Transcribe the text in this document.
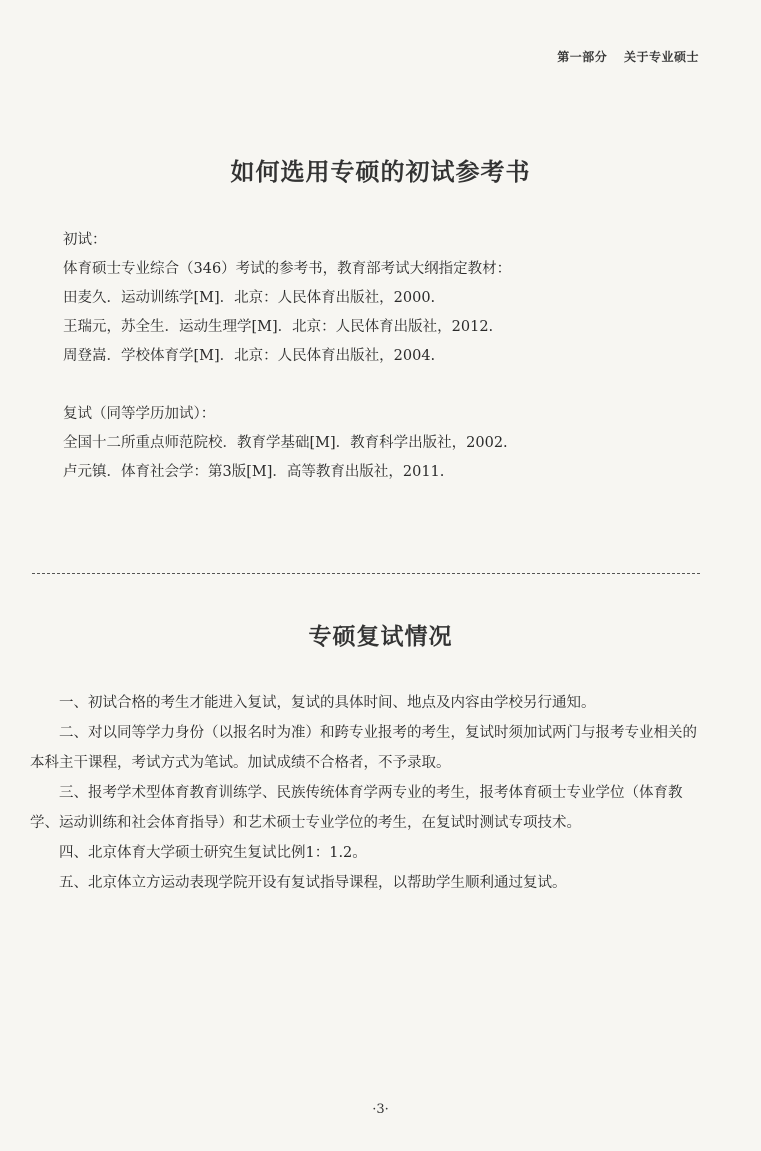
第一部分 关于专业硕士
如何选用专硕的初试参考书
初试：
体育硕士专业综合（346）考试的参考书，教育部考试大纲指定教材：
田麦久．运动训练学[M]．北京：人民体育出版社，2000.
王瑞元，苏全生．运动生理学[M]．北京：人民体育出版社，2012.
周登嵩．学校体育学[M]．北京：人民体育出版社，2004.
复试（同等学历加试）：
全国十二所重点师范院校．教育学基础[M]．教育科学出版社，2002.
卢元镇．体育社会学：第3版[M]．高等教育出版社，2011.
专硕复试情况

一、初试合格的考生才能进入复试，复试的具体时间、地点及内容由学校另行通知。

二、对以同等学力身份（以报名时为准）和跨专业报考的考生，复试时须加试两门与报考专业相关的本科主干课程，考试方式为笔试。加试成绩不合格者，不予录取。

三、报考学术型体育教育训练学、民族传统体育学两专业的考生，报考体育硕士专业学位（体育教学、运动训练和社会体育指导）和艺术硕士专业学位的考生，在复试时测试专项技术。

四、北京体育大学硕士研究生复试比例1：1.2。

五、北京体立方运动表现学院开设有复试指导课程，以帮助学生顺利通过复试。

·3·
